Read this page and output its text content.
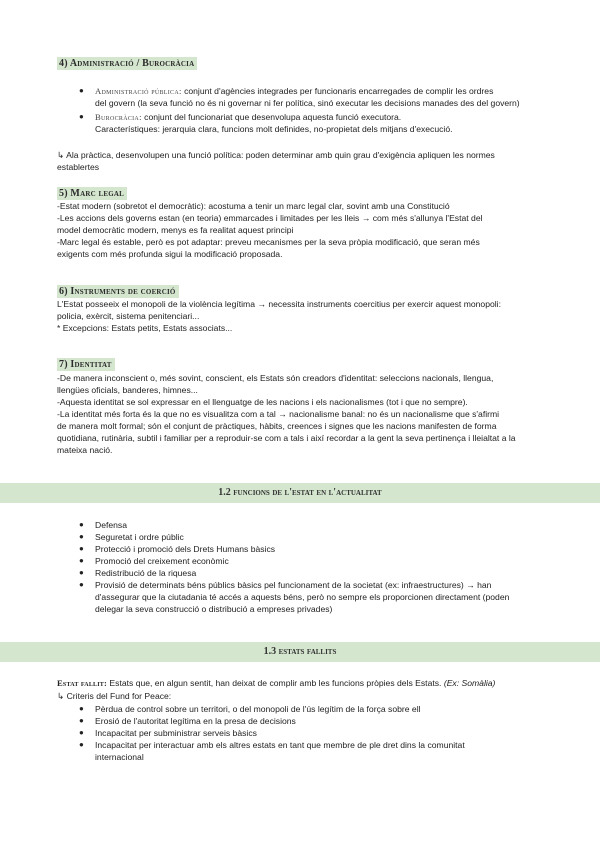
4) Administració / Burocràcia
●	Administració pública: conjunt d'agències integrades per funcionaris encarregades de complir les ordres
del govern (la seva funció no és ni governar ni fer política, sinó executar les decisions manades des del govern)
●	Burocràcia: conjunt del funcionariat que desenvolupa aquesta funció executora.
Característiques: jerarquia clara, funcions molt definides, no-propietat dels mitjans d'execució.
↳ Ala pràctica, desenvolupen una funció política: poden determinar amb quin grau d'exigència apliquen les normes
establertes
5) Marc legal
-Estat modern (sobretot el democràtic): acostuma a tenir un marc legal clar, sovint amb una Constitució
-Les accions dels governs estan (en teoria) emmarcades i limitades per les lleis → com més s'allunya l'Estat del
model democràtic modern, menys es fa realitat aquest principi
-Marc legal és estable, però es pot adaptar: preveu mecanismes per la seva pròpia modificació, que seran més
exigents com més profunda sigui la modificació proposada.
6) Instruments de coerció
L'Estat posseeix el monopoli de la violència legítima → necessita instruments coercitius per exercir aquest monopoli:
policia, exèrcit, sistema penitenciari...
* Excepcions: Estats petits, Estats associats...
7) Identitat
-De manera inconscient o, més sovint, conscient, els Estats són creadors d'identitat: seleccions nacionals, llengua,
llengües oficials, banderes, himnes...
-Aquesta identitat se sol expressar en el llenguatge de les nacions i els nacionalismes (tot i que no sempre).
-La identitat més forta és la que no es visualitza com a tal → nacionalisme banal: no és un nacionalisme que s'afirmi
de manera molt formal; són el conjunt de pràctiques, hàbits, creences i signes que les nacions manifesten de forma
quotidiana, rutinària, subtil i familiar per a reproduir-se com a tals i així recordar a la gent la seva pertinença i lleialtat a la
mateixa nació.
1.2 funcions de l'estat en l'actualitat
●	Defensa
●	Seguretat i ordre públic
●	Protecció i promoció dels Drets Humans bàsics
●	Promoció del creixement econòmic
●	Redistribució de la riquesa
●	Provisió de determinats béns públics bàsics pel funcionament de la societat (ex: infraestructures) → han
d'assegurar que la ciutadania té accés a aquests béns, però no sempre els proporcionen directament (poden
delegar la seva construcció o distribució a empreses privades)
1.3 estats fallits
Estat fallit: Estats que, en algun sentit, han deixat de complir amb les funcions pròpies dels Estats. (Ex: Somàlia)
↳ Criteris del Fund for Peace:
●	Pèrdua de control sobre un territori, o del monopoli de l'ús legítim de la força sobre ell
●	Erosió de l'autoritat legítima en la presa de decisions
●	Incapacitat per subministrar serveis bàsics
●	Incapacitat per interactuar amb els altres estats en tant que membre de ple dret dins la comunitat
internacional
